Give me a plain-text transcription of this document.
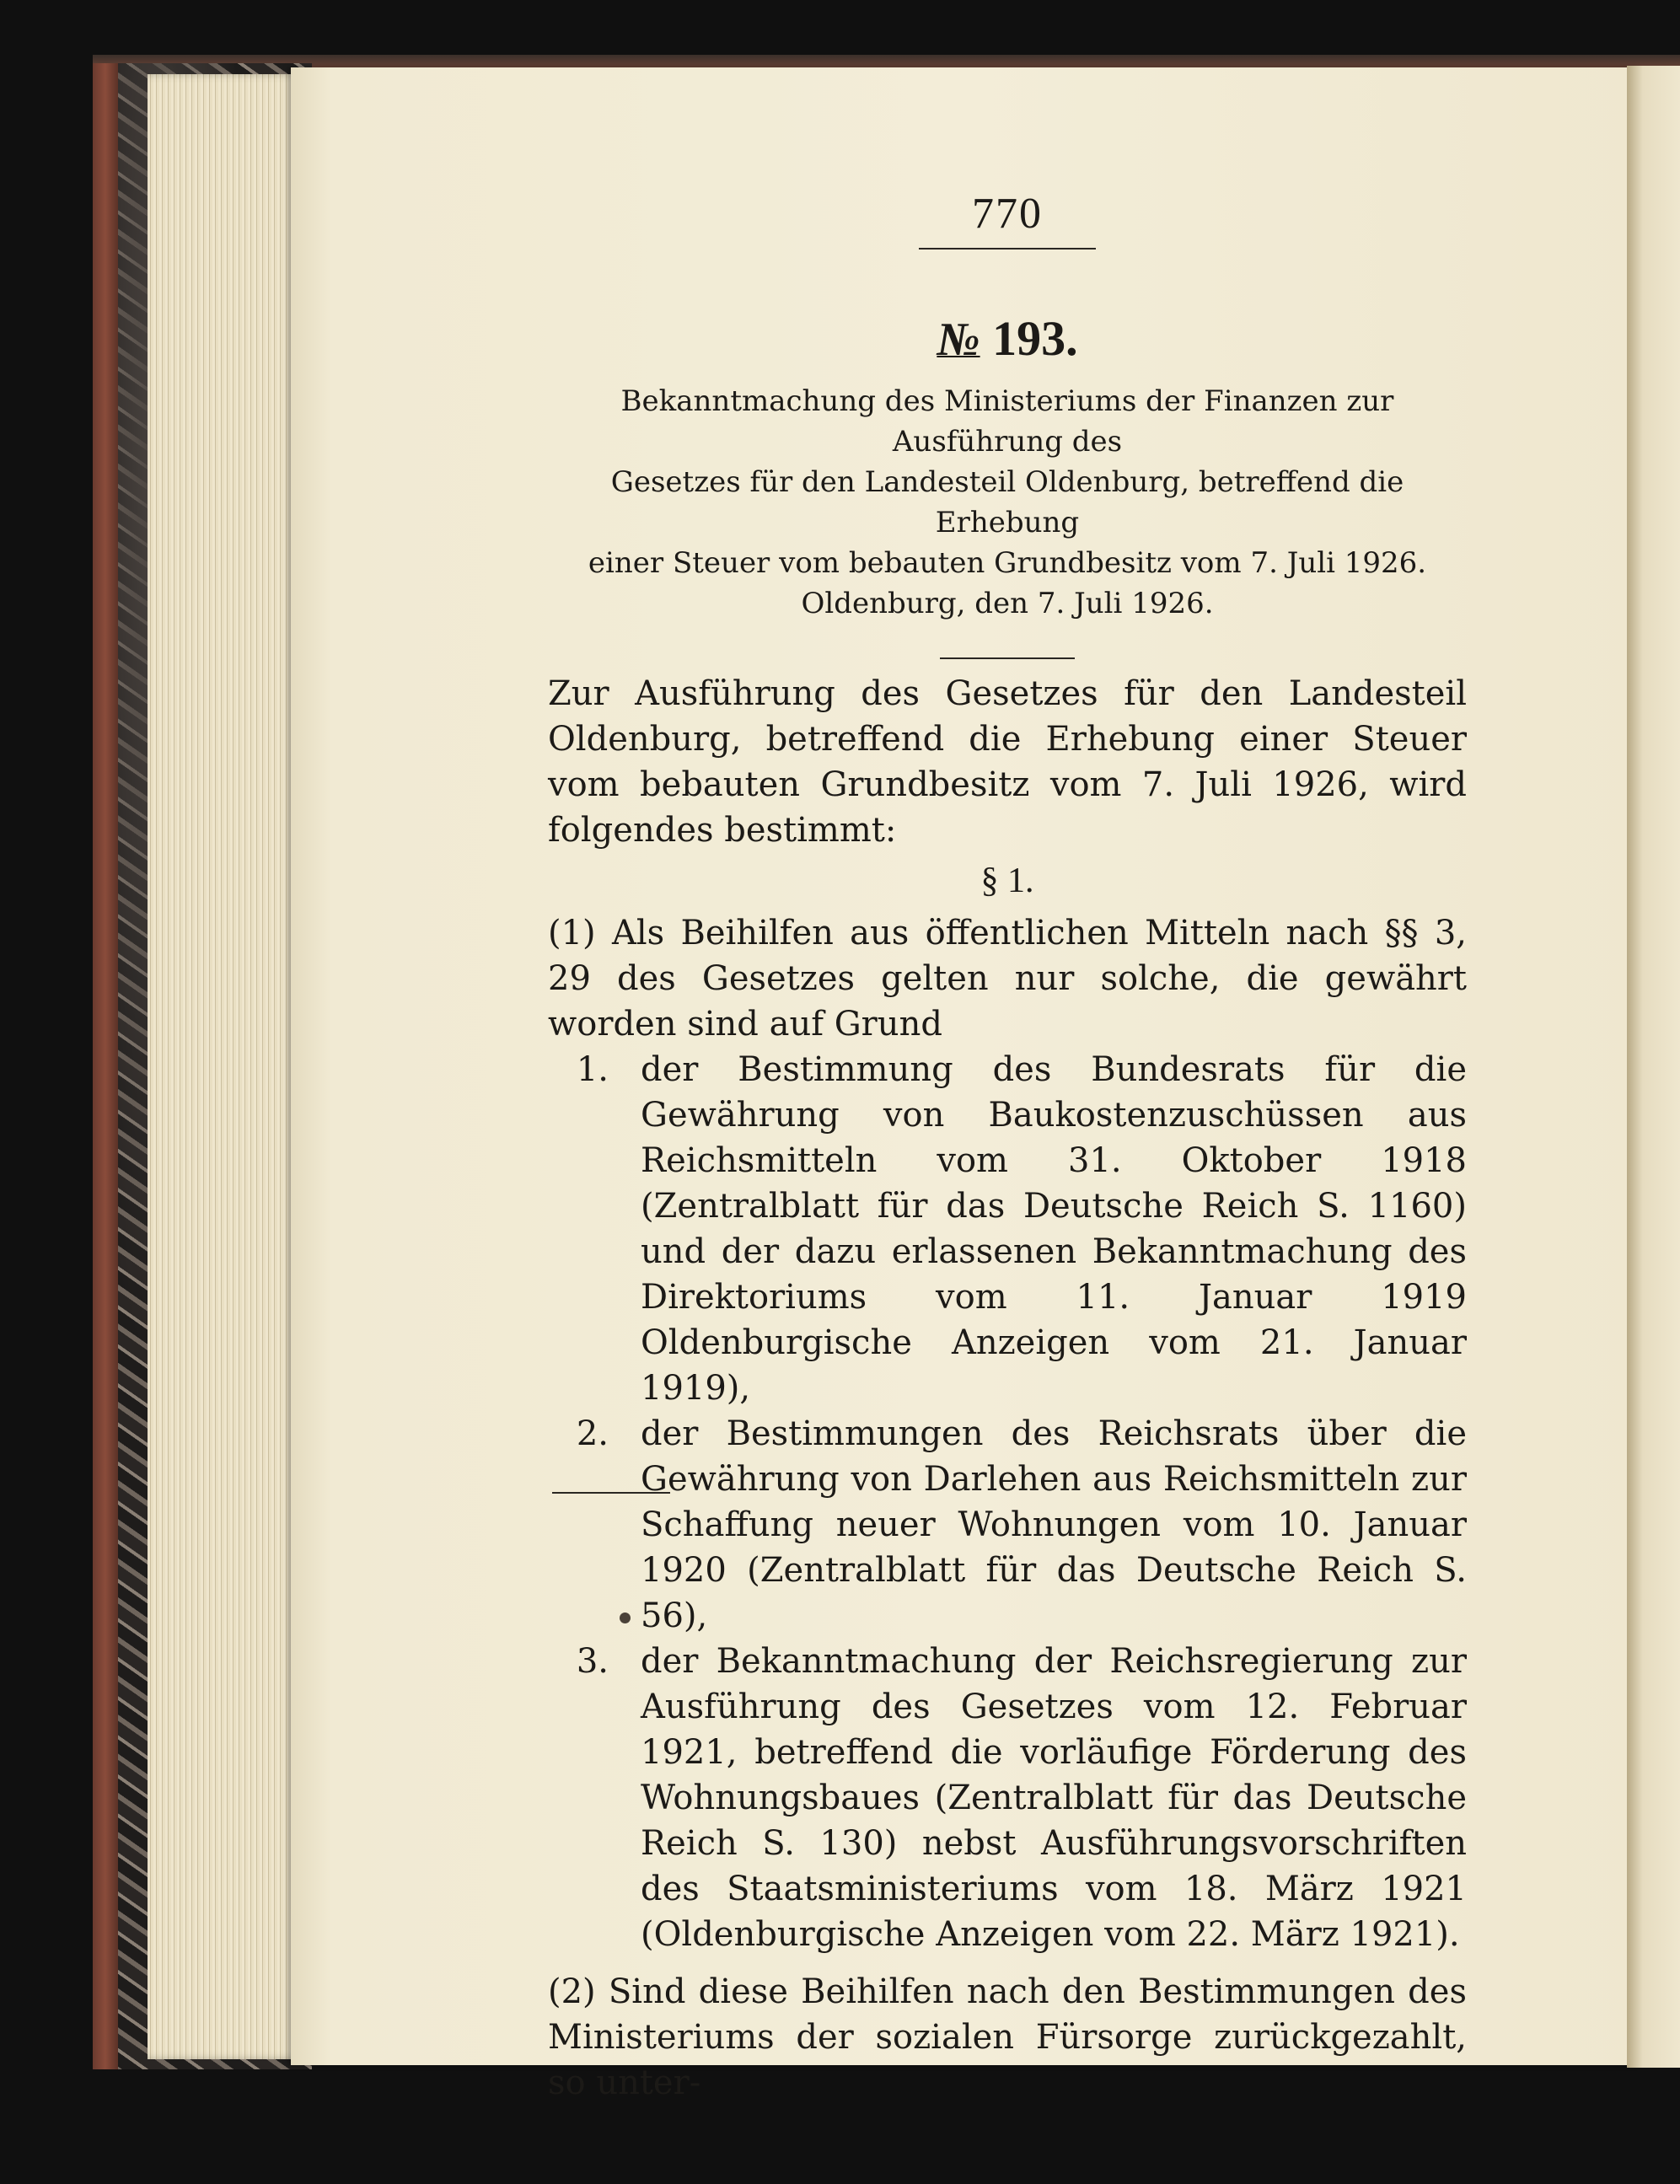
770
№ 193.

Bekanntmachung des Ministeriums der Finanzen zur Ausführung des

Gesetzes für den Landesteil Oldenburg, betreffend die Erhebung

einer Steuer vom bebauten Grundbesitz vom 7. Juli 1926.

Oldenburg, den 7. Juli 1926.

Zur Ausführung des Gesetzes für den Landesteil Oldenburg, betreffend die Erhebung einer Steuer vom bebauten Grundbesitz vom 7. Juli 1926, wird folgendes bestimmt:

§ 1.

(1) Als Beihilfen aus öffentlichen Mitteln nach §§ 3, 29 des Gesetzes gelten nur solche, die gewährt worden sind auf Grund

1. der Bestimmung des Bundesrats für die Gewährung von Baukostenzuschüssen aus Reichsmitteln vom 31. Oktober 1918 (Zentralblatt für das Deutsche Reich S. 1160) und der dazu erlassenen Bekanntmachung des Direktoriums vom 11. Januar 1919 Oldenburgische Anzeigen vom 21. Januar 1919),
2. der Bestimmungen des Reichsrats über die Gewährung von Darlehen aus Reichsmitteln zur Schaffung neuer Wohnungen vom 10. Januar 1920 (Zentralblatt für das Deutsche Reich S. 56),
3. der Bekanntmachung der Reichsregierung zur Ausführung des Gesetzes vom 12. Februar 1921, betreffend die vorläufige Förderung des Wohnungsbaues (Zentralblatt für das Deutsche Reich S. 130) nebst Ausführungsvorschriften des Staatsministeriums vom 18. März 1921 (Oldenburgische Anzeigen vom 22. März 1921).

(2) Sind diese Beihilfen nach den Bestimmungen des Ministeriums der sozialen Fürsorge zurückgezahlt, so unter-
